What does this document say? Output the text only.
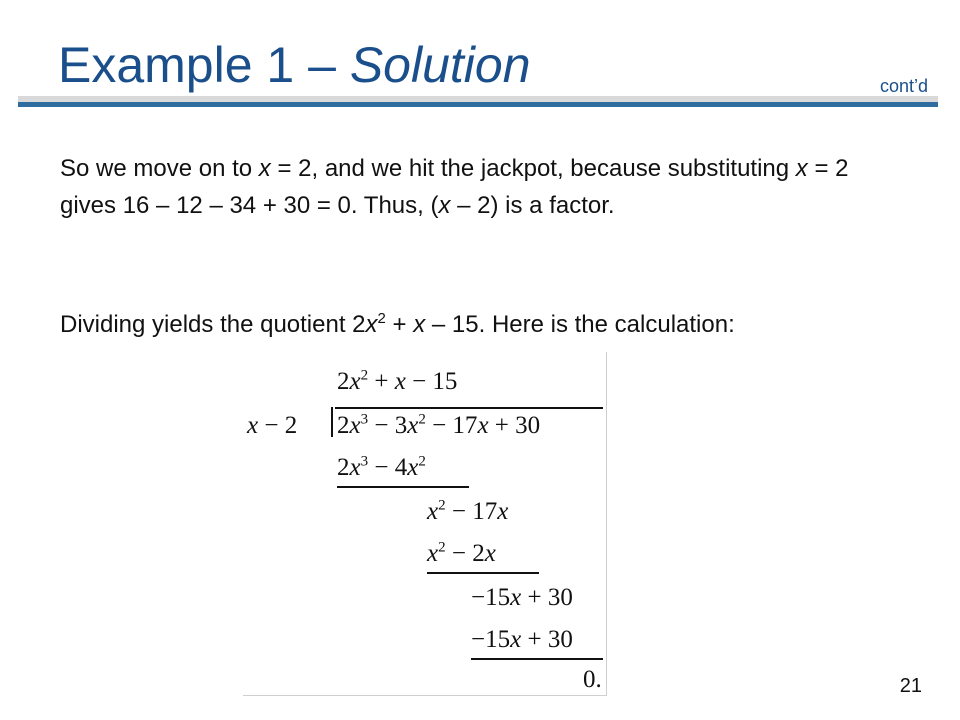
Example 1 – Solution	cont’d
So we move on to x = 2, and we hit the jackpot, because substituting x = 2 gives 16 – 12 – 34 + 30 = 0. Thus, (x – 2) is a factor.
Dividing yields the quotient $2x^2 + x - 15$. Here is the calculation:
$2x^2 + x - 15$
x − 2 $2x^3 - 3x^2 - 17x + 30$
$2x^3 - 4x^2$
$x^2 - 17x$
$x^2 - 2x$
−15x + 30
−15x + 30
0.	21
